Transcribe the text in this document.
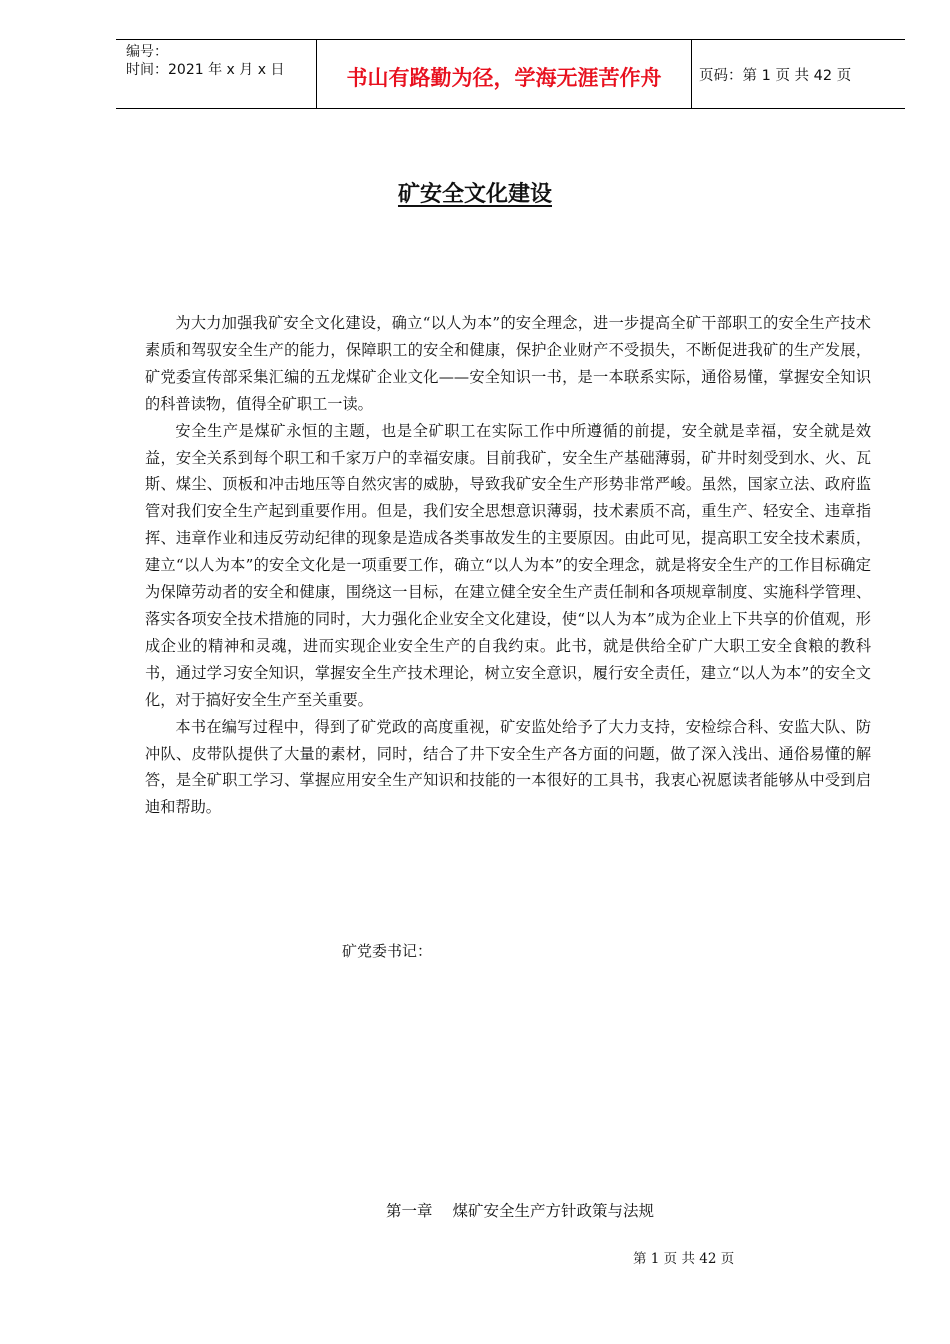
编号：
时间：2021 年 x 月 x 日	书山有路勤为径，学海无涯苦作舟	页码：第 1 页 共 42 页
矿安全文化建设

为大力加强我矿安全文化建设，确立“以人为本”的安全理念，进一步提高全矿干部职工的安全生产技术素质和驾驭安全生产的能力，保障职工的安全和健康，保护企业财产不受损失，不断促进我矿的生产发展，矿党委宣传部采集汇编的五龙煤矿企业文化——安全知识一书，是一本联系实际，通俗易懂，掌握安全知识的科普读物，值得全矿职工一读。

安全生产是煤矿永恒的主题，也是全矿职工在实际工作中所遵循的前提，安全就是幸福，安全就是效益，安全关系到每个职工和千家万户的幸福安康。目前我矿，安全生产基础薄弱，矿井时刻受到水、火、瓦斯、煤尘、顶板和冲击地压等自然灾害的威胁，导致我矿安全生产形势非常严峻。虽然，国家立法、政府监管对我们安全生产起到重要作用。但是，我们安全思想意识薄弱，技术素质不高，重生产、轻安全、违章指挥、违章作业和违反劳动纪律的现象是造成各类事故发生的主要原因。由此可见，提高职工安全技术素质，建立“以人为本”的安全文化是一项重要工作，确立“以人为本”的安全理念，就是将安全生产的工作目标确定为保障劳动者的安全和健康，围绕这一目标，在建立健全安全生产责任制和各项规章制度、实施科学管理、落实各项安全技术措施的同时，大力强化企业安全文化建设，使“以人为本”成为企业上下共享的价值观，形成企业的精神和灵魂，进而实现企业安全生产的自我约束。此书，就是供给全矿广大职工安全食粮的教科书，通过学习安全知识，掌握安全生产技术理论，树立安全意识，履行安全责任，建立“以人为本”的安全文化，对于搞好安全生产至关重要。

本书在编写过程中，得到了矿党政的高度重视，矿安监处给予了大力支持，安检综合科、安监大队、防冲队、皮带队提供了大量的素材，同时，结合了井下安全生产各方面的问题，做了深入浅出、通俗易懂的解答，是全矿职工学习、掌握应用安全生产知识和技能的一本很好的工具书，我衷心祝愿读者能够从中受到启迪和帮助。

矿党委书记：
第一章 煤矿安全生产方针政策与法规
第 1 页 共 42 页
